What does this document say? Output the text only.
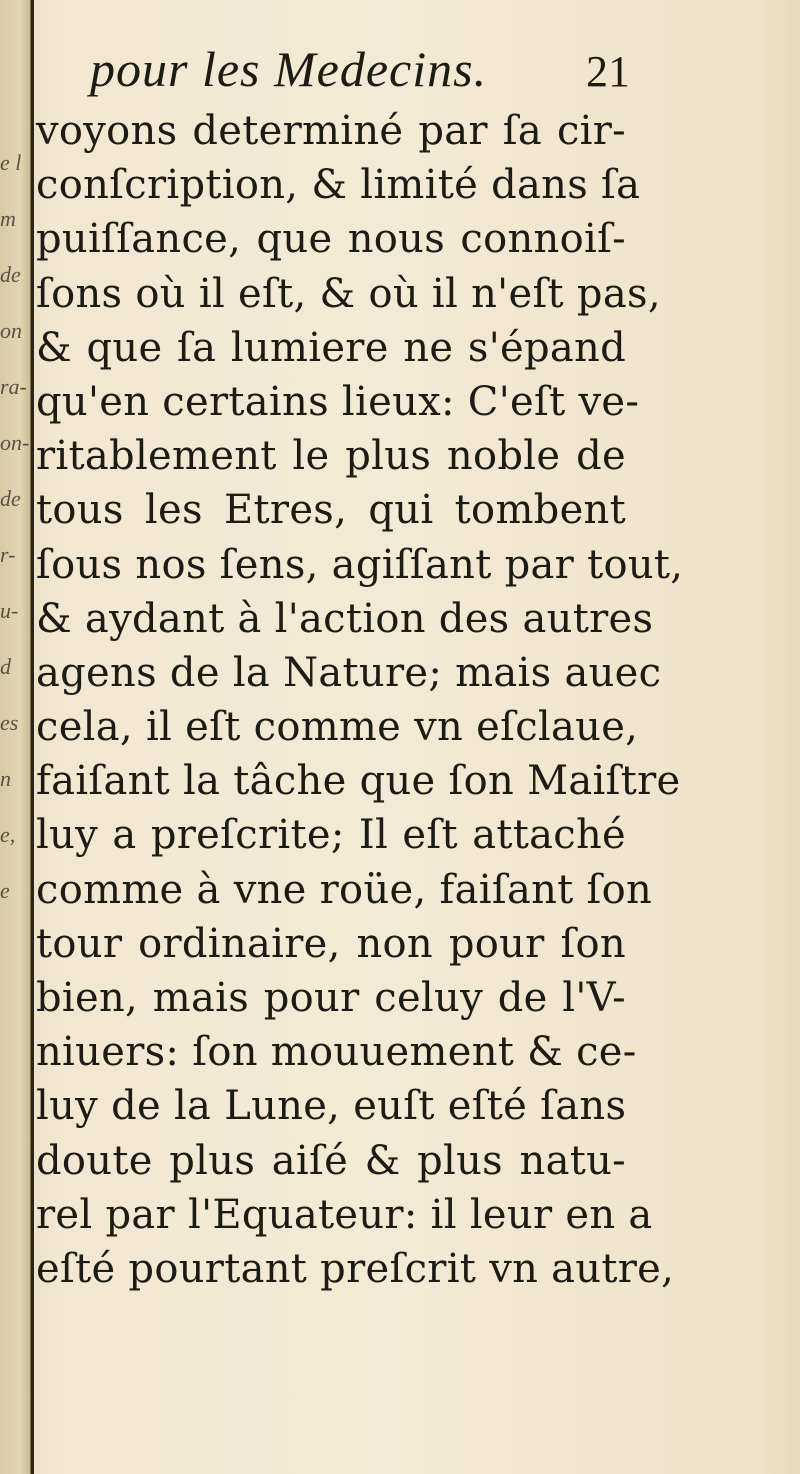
e l
m
de
on
ra-
on-
de
r-
u-
d
es
n
e,
e
pour les Medecins. 21
voyons determiné par ſa cir-
conſcription, & limité dans ſa
puiſſance, que nous connoiſ-
ſons où il eſt, & où il n'eſt pas,
& que ſa lumiere ne s'épand
qu'en certains lieux: C'eſt ve-
ritablement le plus noble de
tous les Etres, qui tombent
ſous nos ſens, agiſſant par tout,
& aydant à l'action des autres
agens de la Nature; mais auec
cela, il eſt comme vn eſclaue,
faiſant la tâche que ſon Maiſtre
luy a preſcrite; Il eſt attaché
comme à vne roüe, faiſant ſon
tour ordinaire, non pour ſon
bien, mais pour celuy de l'V-
niuers: ſon mouuement & ce-
luy de la Lune, euſt eſté ſans
doute plus aiſé & plus natu-
rel par l'Equateur: il leur en a
eſté pourtant preſcrit vn autre,
